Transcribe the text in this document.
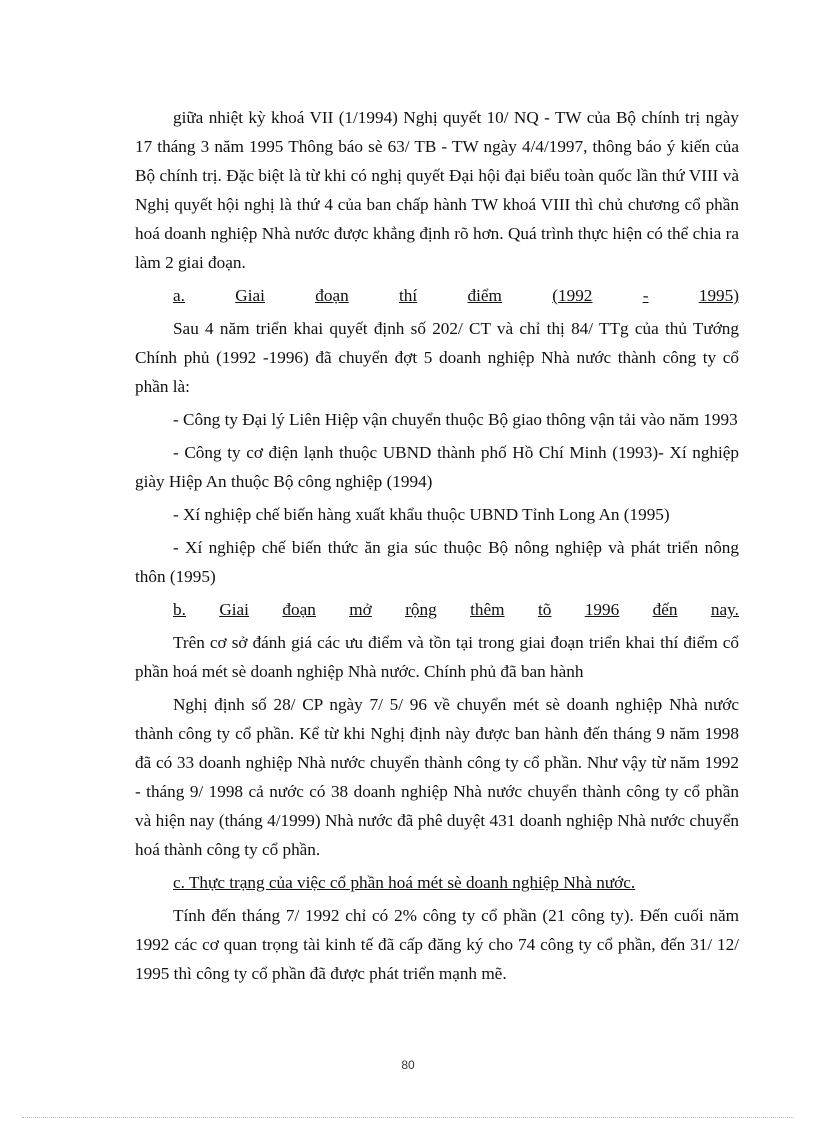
giữa nhiệt kỳ khoá VII (1/1994) Nghị quyết 10/ NQ - TW của Bộ chính trị ngày 17 tháng 3 năm 1995 Thông báo sè 63/ TB - TW ngày 4/4/1997, thông báo ý kiến của Bộ chính trị. Đặc biệt là từ khi có nghị quyết Đại hội đại biểu toàn quốc lần thứ VIII và Nghị quyết hội nghị là thứ 4 của ban chấp hành TW khoá VIII thì chủ chương cổ phần hoá doanh nghiệp Nhà nước được khẳng định rõ hơn. Quá trình thực hiện có thể chia ra làm 2 giai đoạn.

a.	Giai	đoạn	thí	điểm	(1992	-	1995)

Sau 4 năm triển khai quyết định số 202/ CT và chỉ thị 84/ TTg của thủ Tướng Chính phủ (1992 -1996) đã chuyển đợt 5 doanh nghiệp Nhà nước thành công ty cổ phần là:

- Công ty Đại lý Liên Hiệp vận chuyển thuộc Bộ giao thông vận tải vào năm 1993

- Công ty cơ điện lạnh thuộc UBND thành phố Hồ Chí Minh (1993)- Xí nghiệp giày Hiệp An thuộc Bộ công nghiệp (1994)

- Xí nghiệp chế biến hàng xuất khẩu thuộc UBND Tỉnh Long An (1995)

- Xí nghiệp chế biến thức ăn gia súc thuộc Bộ nông nghiệp và phát triển nông thôn (1995)

b. Giai đoạn mở rộng thêm tõ 1996 đến nay.

Trên cơ sở đánh giá các ưu điểm và tồn tại trong giai đoạn triển khai thí điểm cổ phần hoá mét sè doanh nghiệp Nhà nước. Chính phủ đã ban hành

Nghị định số 28/ CP ngày 7/ 5/ 96 về chuyển mét sè doanh nghiệp Nhà nước thành công ty cổ phần. Kể từ khi Nghị định này được ban hành đến tháng 9 năm 1998 đã có 33 doanh nghiệp Nhà nước chuyển thành công ty cổ phần. Như vậy từ năm 1992 - tháng 9/ 1998 cả nước có 38 doanh nghiệp Nhà nước chuyển thành công ty cổ phần và hiện nay (tháng 4/1999) Nhà nước đã phê duyệt 431 doanh nghiệp Nhà nước chuyển hoá thành công ty cổ phần.

c. Thực trạng của việc cổ phần hoá mét sè doanh nghiệp Nhà nước.

Tính đến tháng 7/ 1992 chỉ có 2% công ty cổ phần (21 công ty). Đến cuối năm 1992 các cơ quan trọng tài kinh tế đã cấp đăng ký cho 74 công ty cổ phần, đến 31/ 12/ 1995 thì công ty cổ phần đã được phát triển mạnh mẽ.

80
